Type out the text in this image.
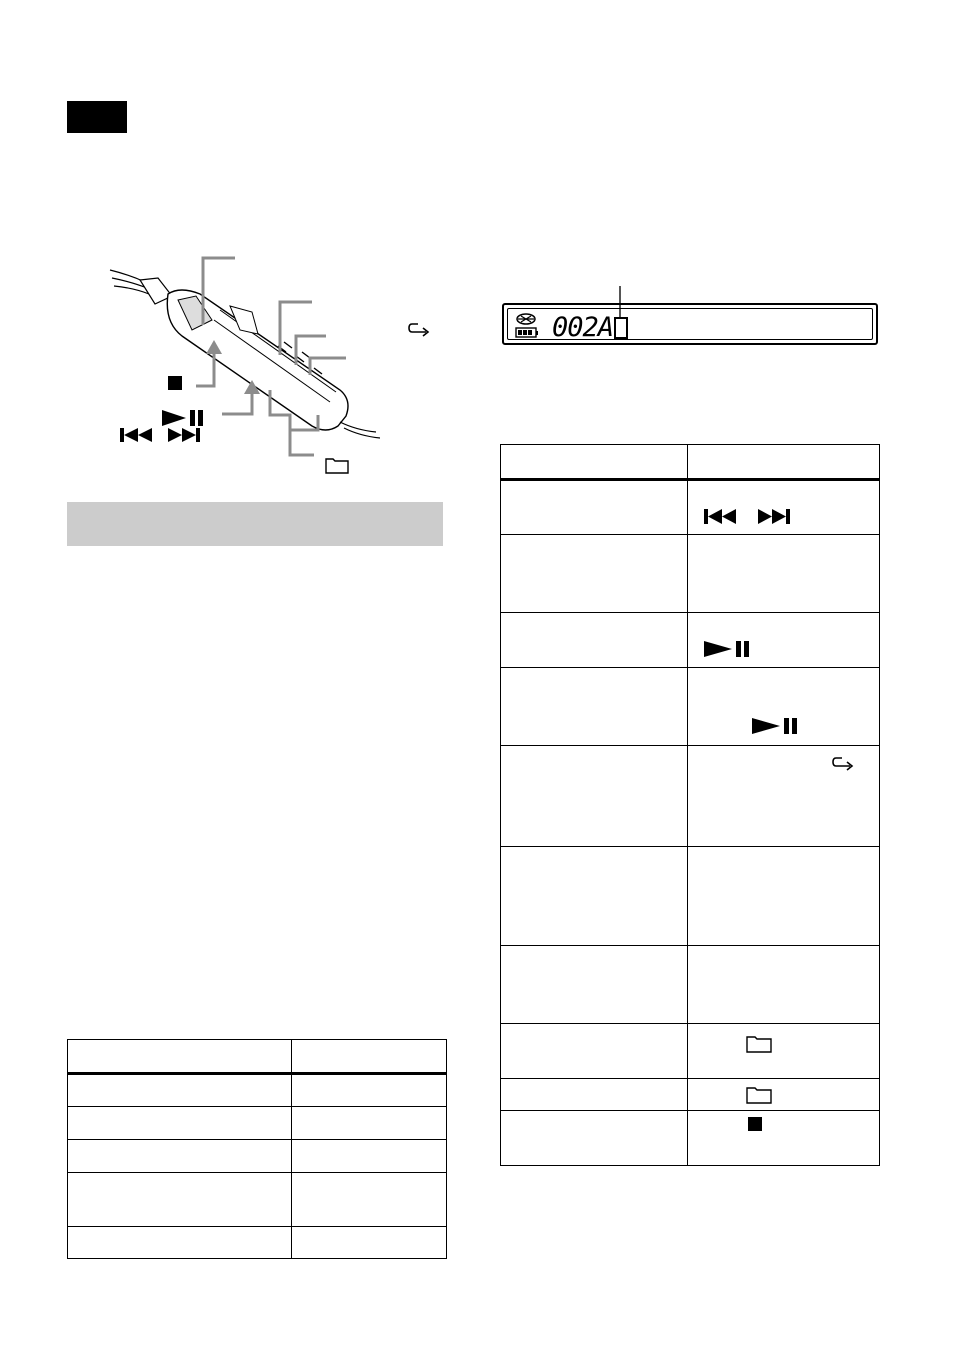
002A
